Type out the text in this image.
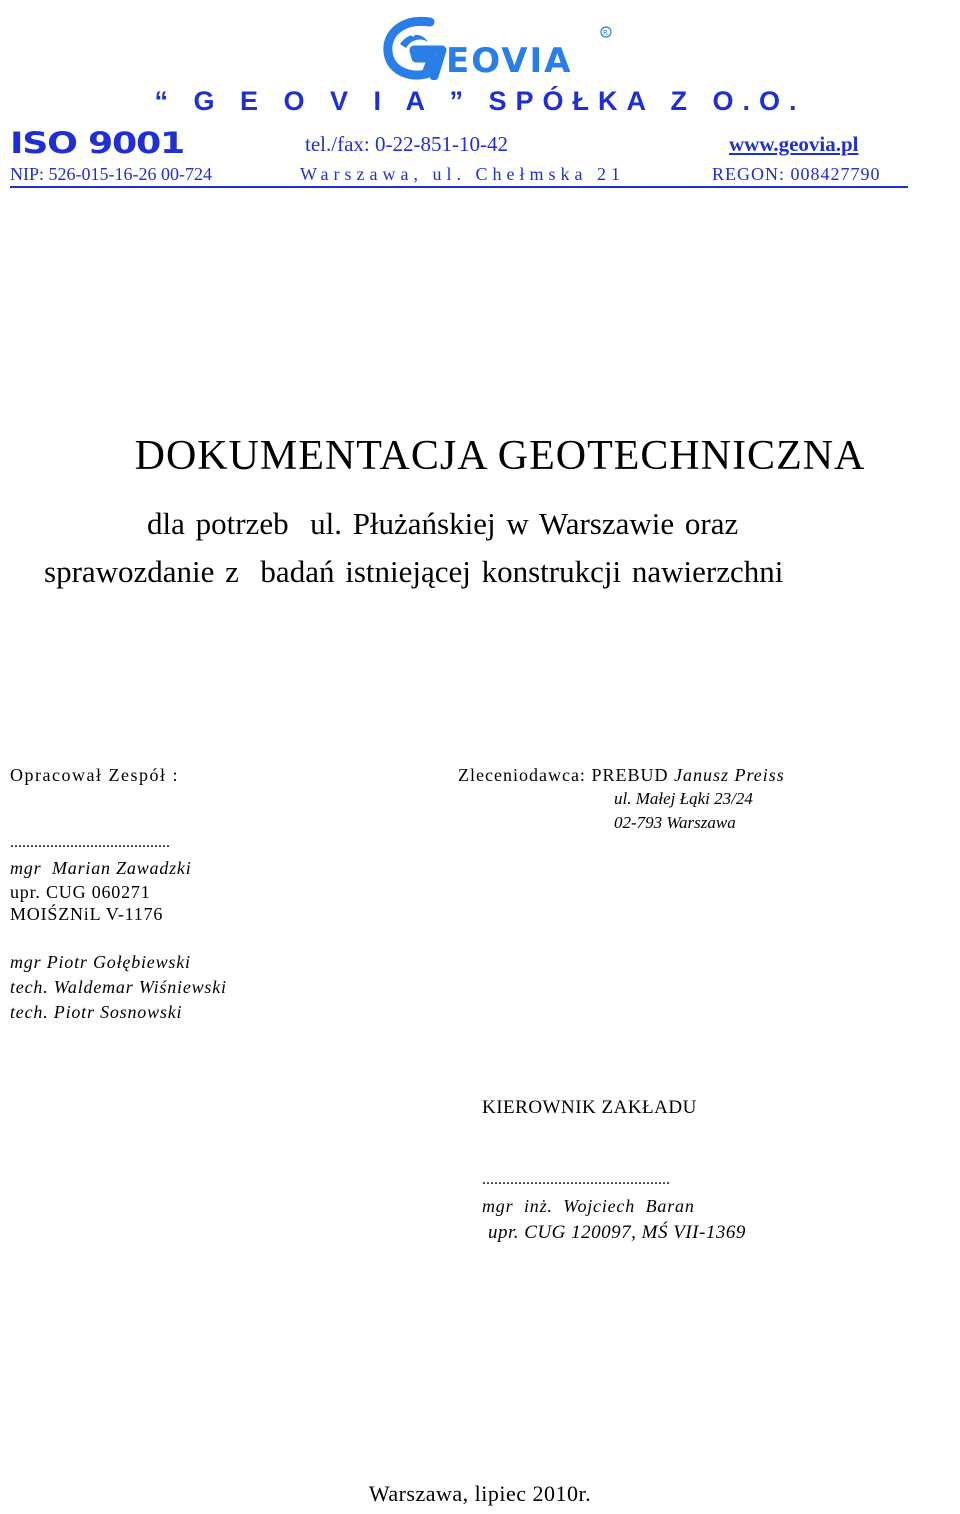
EOVIA
R
“ G E O V I A ” SPÓŁKA Z O.O.
ISO 9001	tel./fax: 0-22-851-10-42	www.geovia.pl
NIP: 526-015-16-26 00-724	Warszawa, ul. Chełmska 21	REGON: 008427790
DOKUMENTACJA GEOTECHNICZNA
dla potrzeb  ul. Płużańskiej w Warszawie oraz
sprawozdanie z  badań istniejącej konstrukcji nawierzchni
Opracował Zespół :
........................................
mgr  Marian Zawadzki
upr. CUG 060271
MOIŚZNiL V-1176
mgr Piotr Gołębiewski
tech. Waldemar Wiśniewski
tech. Piotr Sosnowski
Zleceniodawca: PREBUD Janusz Preiss
ul. Małej Łąki 23/24
02-793 Warszawa
KIEROWNIK ZAKŁADU
...............................................
mgr  inż.  Wojciech  Baran
upr. CUG 120097, MŚ VII-1369
Warszawa, lipiec 2010r.
